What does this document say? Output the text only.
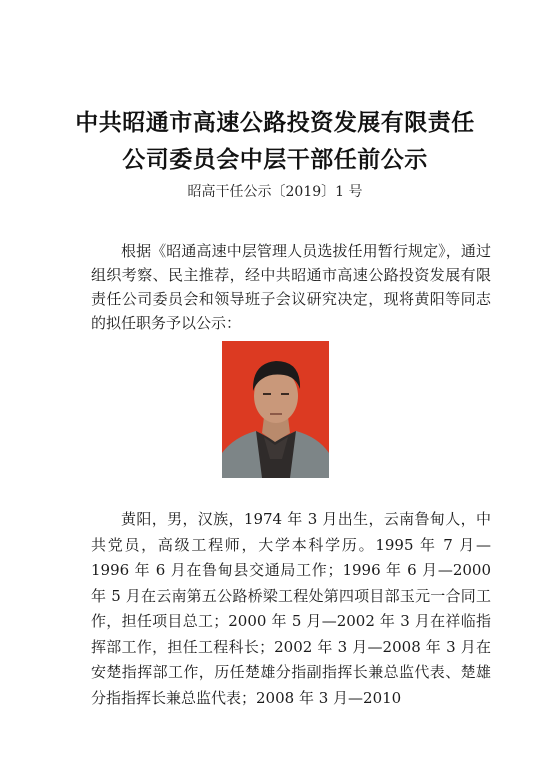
中共昭通市高速公路投资发展有限责任
公司委员会中层干部任前公示
昭高干任公示〔2019〕1 号

根据《昭通高速中层管理人员选拔任用暂行规定》，通过组织考察、民主推荐，经中共昭通市高速公路投资发展有限责任公司委员会和领导班子会议研究决定，现将黄阳等同志的拟任职务予以公示：

黄阳，男，汉族，1974 年 3 月出生，云南鲁甸人，中共党员，高级工程师，大学本科学历。1995 年 7 月—1996 年 6 月在鲁甸县交通局工作；1996 年 6 月—2000 年 5 月在云南第五公路桥梁工程处第四项目部玉元一合同工作，担任项目总工；2000 年 5 月—2002 年 3 月在祥临指挥部工作，担任工程科长；2002 年 3 月—2008 年 3 月在安楚指挥部工作，历任楚雄分指副指挥长兼总监代表、楚雄分指指挥长兼总监代表；2008 年 3 月—2010
